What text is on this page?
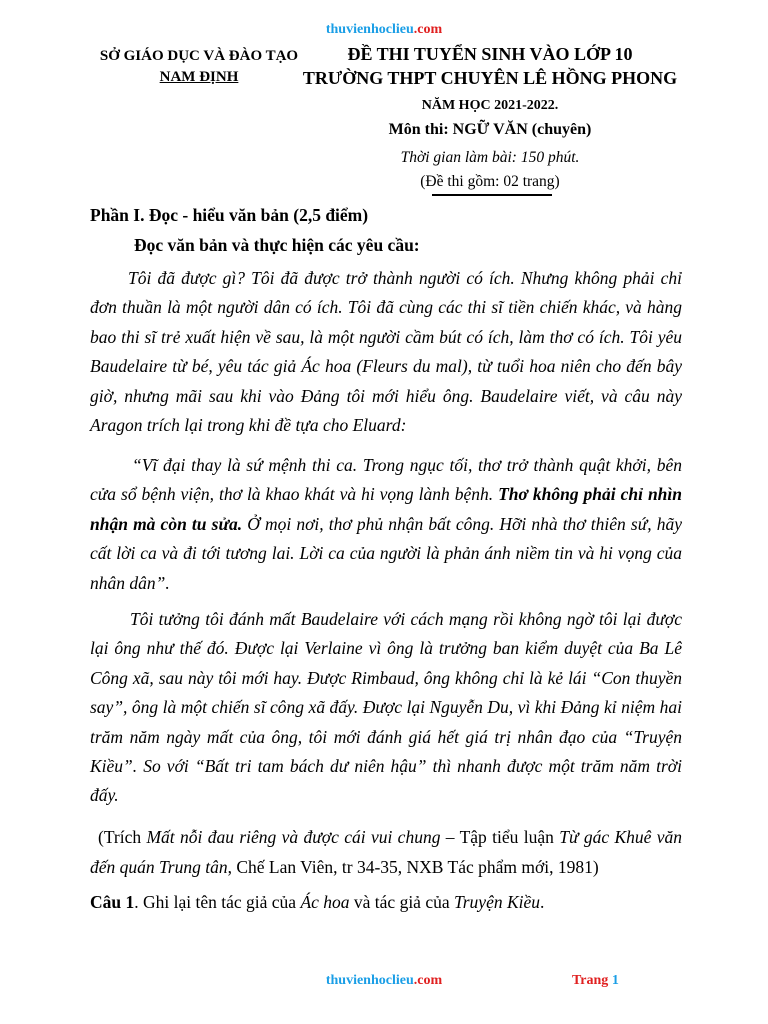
thuvienhoclieu.com
SỞ GIÁO DỤC VÀ ĐÀO TẠO
NAM ĐỊNH
ĐỀ THI TUYỂN SINH VÀO LỚP 10
TRƯỜNG THPT CHUYÊN LÊ HỒNG PHONG
NĂM HỌC 2021-2022.
Môn thi: NGỮ VĂN (chuyên)
Thời gian làm bài: 150 phút.
(Đề thi gồm: 02 trang)
Phần I. Đọc - hiểu văn bản (2,5 điểm)
Đọc văn bản và thực hiện các yêu cầu:
Tôi đã được gì? Tôi đã được trở thành người có ích. Nhưng không phải chỉ đơn thuần là một người dân có ích. Tôi đã cùng các thi sĩ tiền chiến khác, và hàng bao thi sĩ trẻ xuất hiện về sau, là một người cầm bút có ích, làm thơ có ích. Tôi yêu Baudelaire từ bé, yêu tác giả Ác hoa (Fleurs du mal), từ tuổi hoa niên cho đến bây giờ, nhưng mãi sau khi vào Đảng tôi mới hiểu ông. Baudelaire viết, và câu này Aragon trích lại trong khi đề tựa cho Eluard:
“Vĩ đại thay là sứ mệnh thi ca. Trong ngục tối, thơ trở thành quật khởi, bên cửa sổ bệnh viện, thơ là khao khát và hi vọng lành bệnh. Thơ không phải chỉ nhìn nhận mà còn tu sửa. Ở mọi nơi, thơ phủ nhận bất công. Hỡi nhà thơ thiên sứ, hãy cất lời ca và đi tới tương lai. Lời ca của người là phản ánh niềm tin và hi vọng của nhân dân”.
Tôi tưởng tôi đánh mất Baudelaire với cách mạng rồi không ngờ tôi lại được lại ông như thế đó. Được lại Verlaine vì ông là trưởng ban kiểm duyệt của Ba Lê Công xã, sau này tôi mới hay. Được Rimbaud, ông không chỉ là kẻ lái “Con thuyền say”, ông là một chiến sĩ công xã đấy. Được lại Nguyễn Du, vì khi Đảng kỉ niệm hai trăm năm ngày mất của ông, tôi mới đánh giá hết giá trị nhân đạo của “Truyện Kiều”. So với “Bất tri tam bách dư niên hậu” thì nhanh được một trăm năm trời đấy.
(Trích Mất nỗi đau riêng và được cái vui chung – Tập tiểu luận Từ gác Khuê văn đến quán Trung tân, Chế Lan Viên, tr 34-35, NXB Tác phẩm mới, 1981)
Câu 1. Ghi lại tên tác giả của Ác hoa và tác giả của Truyện Kiều.
thuvienhoclieu.com	Trang 1
